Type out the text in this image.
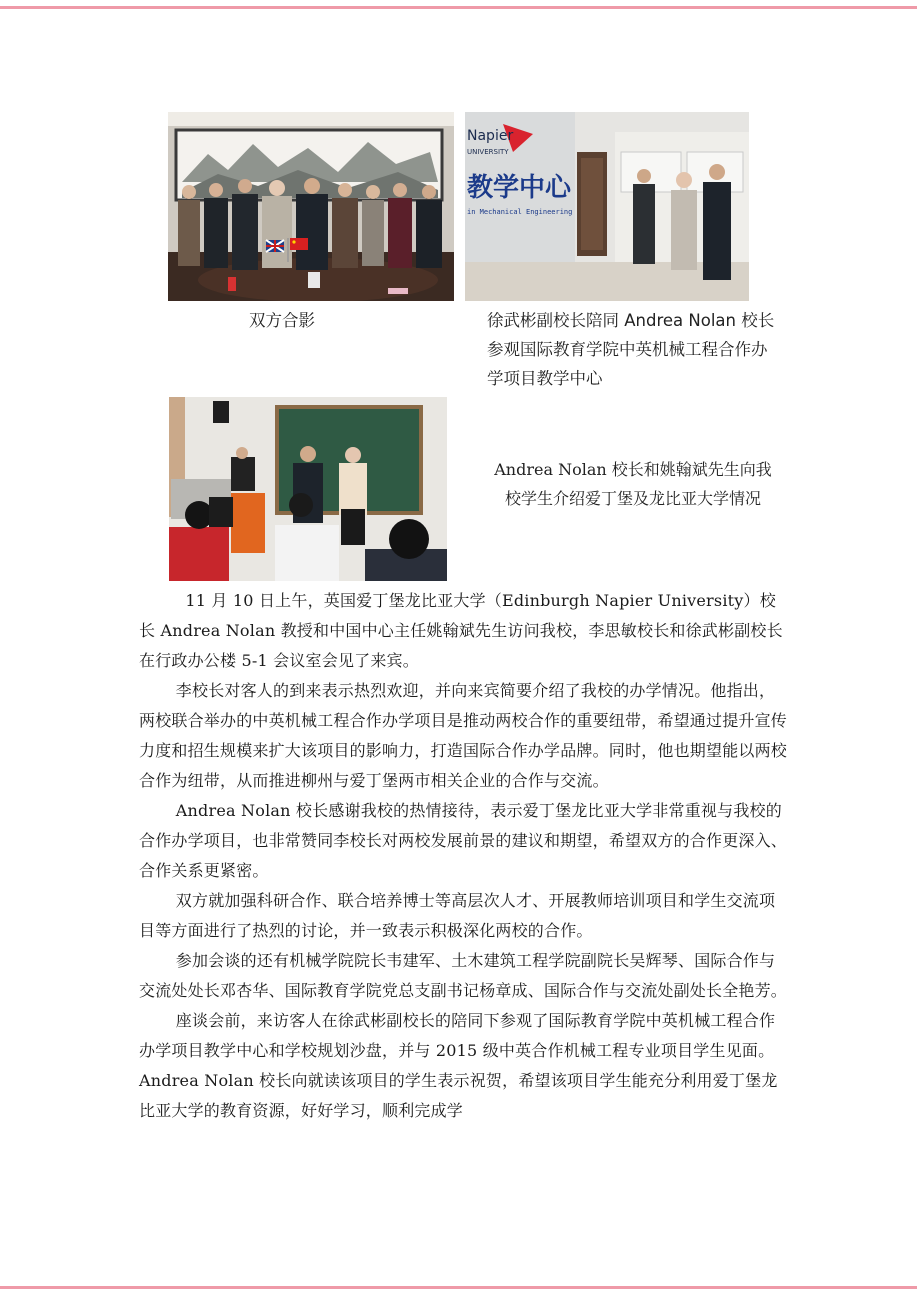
Napier
UNIVERSITY
教学中心
in Mechanical Engineering
双方合影	徐武彬副校长陪同 Andrea Nolan 校长参观国际教育学院中英机械工程合作办学项目教学中心
Andrea Nolan 校长和姚翰斌先生向我校学生介绍爱丁堡及龙比亚大学情况

11 月 10 日上午，英国爱丁堡龙比亚大学（Edinburgh Napier University）校长 Andrea Nolan 教授和中国中心主任姚翰斌先生访问我校，李思敏校长和徐武彬副校长在行政办公楼 5-1 会议室会见了来宾。

李校长对客人的到来表示热烈欢迎，并向来宾简要介绍了我校的办学情况。他指出，两校联合举办的中英机械工程合作办学项目是推动两校合作的重要纽带，希望通过提升宣传力度和招生规模来扩大该项目的影响力，打造国际合作办学品牌。同时，他也期望能以两校合作为纽带，从而推进柳州与爱丁堡两市相关企业的合作与交流。

Andrea Nolan 校长感谢我校的热情接待，表示爱丁堡龙比亚大学非常重视与我校的合作办学项目，也非常赞同李校长对两校发展前景的建议和期望，希望双方的合作更深入、合作关系更紧密。

双方就加强科研合作、联合培养博士等高层次人才、开展教师培训项目和学生交流项目等方面进行了热烈的讨论，并一致表示积极深化两校的合作。

参加会谈的还有机械学院院长韦建军、土木建筑工程学院副院长吴辉琴、国际合作与交流处处长邓杏华、国际教育学院党总支副书记杨章成、国际合作与交流处副处长全艳芳。

座谈会前，来访客人在徐武彬副校长的陪同下参观了国际教育学院中英机械工程合作办学项目教学中心和学校规划沙盘，并与 2015 级中英合作机械工程专业项目学生见面。Andrea Nolan 校长向就读该项目的学生表示祝贺，希望该项目学生能充分利用爱丁堡龙比亚大学的教育资源，好好学习，顺利完成学
